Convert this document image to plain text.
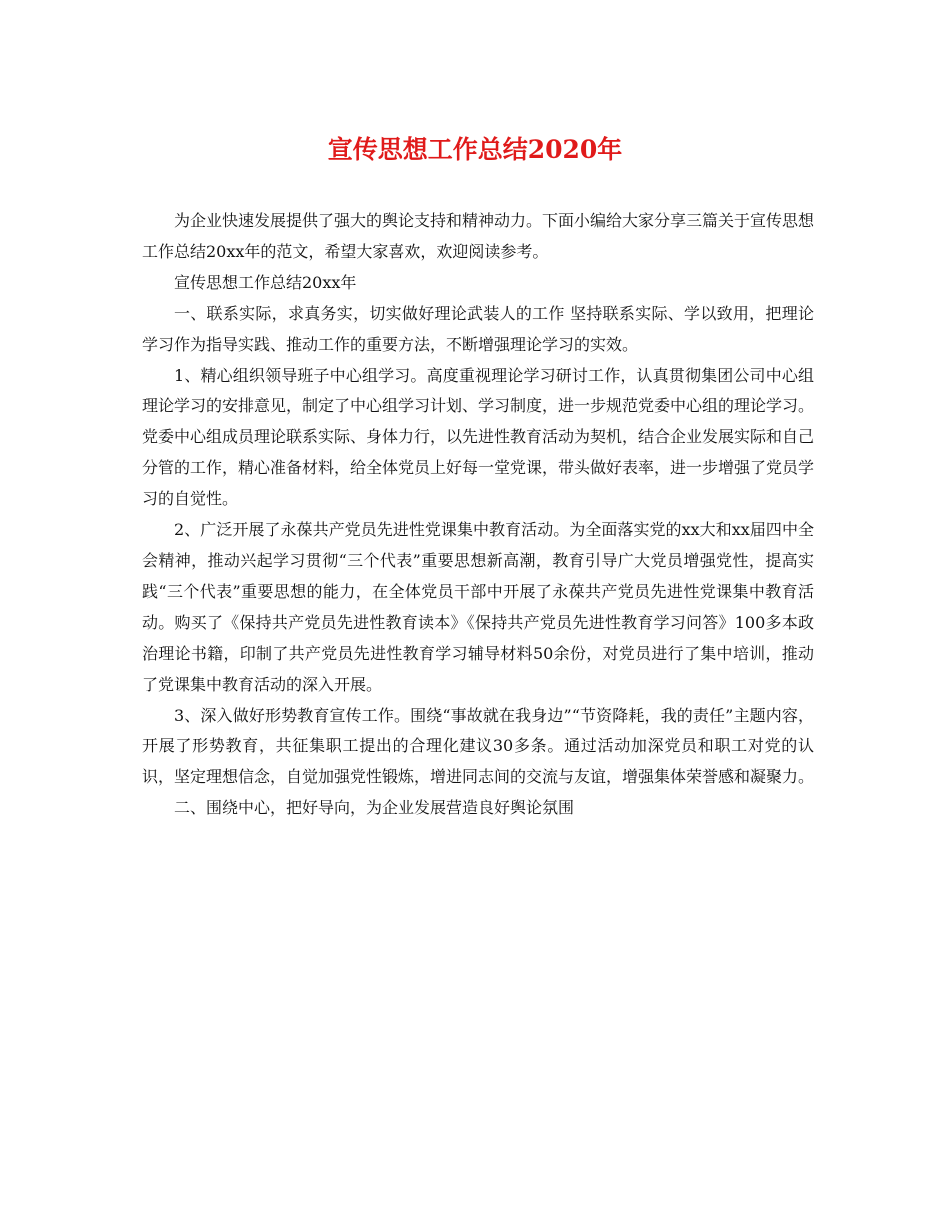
宣传思想工作总结2020年

为企业快速发展提供了强大的舆论支持和精神动力。下面小编给大家分享三篇关于宣传思想工作总结20xx年的范文，希望大家喜欢，欢迎阅读参考。

宣传思想工作总结20xx年

一、联系实际，求真务实，切实做好理论武装人的工作 坚持联系实际、学以致用，把理论学习作为指导实践、推动工作的重要方法，不断增强理论学习的实效。

1、精心组织领导班子中心组学习。高度重视理论学习研讨工作，认真贯彻集团公司中心组理论学习的安排意见，制定了中心组学习计划、学习制度，进一步规范党委中心组的理论学习。党委中心组成员理论联系实际、身体力行，以先进性教育活动为契机，结合企业发展实际和自己分管的工作，精心准备材料，给全体党员上好每一堂党课，带头做好表率，进一步增强了党员学习的自觉性。

2、广泛开展了永葆共产党员先进性党课集中教育活动。为全面落实党的xx大和xx届四中全会精神，推动兴起学习贯彻“三个代表”重要思想新高潮，教育引导广大党员增强党性，提高实践“三个代表”重要思想的能力，在全体党员干部中开展了永葆共产党员先进性党课集中教育活动。购买了《保持共产党员先进性教育读本》《保持共产党员先进性教育学习问答》100多本政治理论书籍，印制了共产党员先进性教育学习辅导材料50余份，对党员进行了集中培训，推动了党课集中教育活动的深入开展。

3、深入做好形势教育宣传工作。围绕“事故就在我身边”“节资降耗，我的责任”主题内容，开展了形势教育，共征集职工提出的合理化建议30多条。通过活动加深党员和职工对党的认识，坚定理想信念，自觉加强党性锻炼，增进同志间的交流与友谊，增强集体荣誉感和凝聚力。

二、围绕中心，把好导向，为企业发展营造良好舆论氛围
